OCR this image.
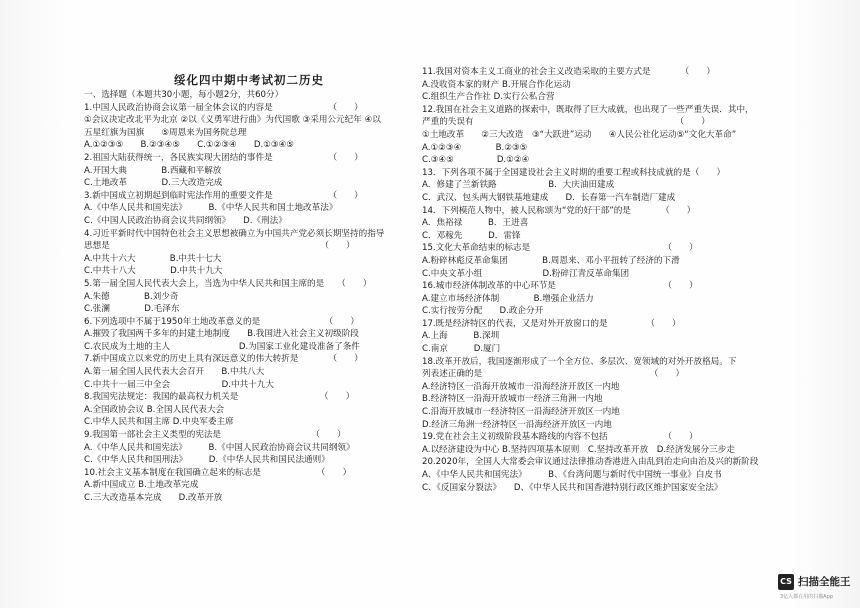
绥化四中期中考试初二历史
一、选择题（本题共30小题，每小题2分，共60分）
1.中国人民政治协商会议第一届全体会议的内容是　　　　　　　（　　）
①会议决定改北平为北京 ②以《义勇军进行曲》为代国歌 ③采用公元纪年 ④以
五星红旗为国旗　　⑤周恩来为国务院总理
A.①②③⑤　　B.②③④⑤　　C.①②③④　　D.①③④⑤
2.祖国大陆获得统一，各民族实现大团结的事件是　　　　　　　（　　）
A.开国大典　　　　B.西藏和平解放
C.土地改革　　　　D.三大改造完成
3.新中国成立初期起到临时宪法作用的重要文件是　　　　　　　（　　）
A.《中华人民共和国宪法》　　　B.《中华人民共和国土地改革法》
C.《中国人民政治协商会议共同纲领》　　D.《刑法》
4.习近平新时代中国特色社会主义思想被确立为中国共产党必须长期坚持的指导
思想是　　　　　　　　　　　　　　　　　　　　　　　　　（　　）
A.中共十六大　　　　B.中共十七大
C.中共十八大　　　　D.中共十九大
5.第一届全国人民代表大会上，当选为中华人民共和国主席的是　　（　　）
A.朱德　　　　B.刘少奇
C.张澜　　　　D.毛泽东
6.下列选项中不属于1950年土地改革意义的是　　　　　　　　（　　）
A.摧毁了我国两千多年的封建土地制度　　B.我国进入社会主义初级阶段
C.农民成为土地的主人　　　　　　　　D.为国家工业化建设准备了条件
7.新中国成立以来党的历史上具有深远意义的伟大转折是　　　　（　　）
A.第一届全国人民代表大会召开　　B.中共八大
C.中共十一届三中全会　　　　　　D.中共十九大
8.我国宪法规定：我国的最高权力机关是　　　　　　　　　　（　　）
A.全国政协会议 B.全国人民代表大会
C.中华人民共和国主席 D.中央军委主席
9.我国第一部社会主义类型的宪法是　　　　　　　　　　　（　　）
A.《中华人民共和国宪法》　　　B.《中国人民政治协商会议共同纲领》
C.《中华人民共和国刑法》　　　D.《中华人民共和国民法通则》
10.社会主义基本制度在我国确立起来的标志是　　　　　　　（　　）
A.新中国成立 B.土地改革完成
C.三大改造基本完成　　D.改革开放
11.我国对资本主义工商业的社会主义改造采取的主要方式是　　　　（　　）
A.没收资本家的财产 B.开展合作化运动
C.组织生产合作社 D.实行公私合营
12.我国在社会主义道路的探索中，既取得了巨大成就，也出现了一些严重失误．其中，
严重的失误有　　　　　　　　　　　　　　　　　　　　　　　　（　　）
①土地改革　　②三大改造　③“大跃进”运动　　④人民公社化运动⑤“文化大革命”
A.①②③④　　　　B.②③⑤
C.③④⑤　　　　　D.①②④
13．下列各项不属于全国建设社会主义时期的重要工程或科技成就的是（　　）
A．修建了兰新铁路　　　　　　B．大庆油田建成
C．武汉、包头两大钢铁基地建成　　D．长春第一汽车制造厂建成
14．下列模范人物中，被人民称颂为“党的好干部”的是　　　　（　　）
A．焦裕禄　　　B．王进喜
C．邓稼先　　　D．雷锋
15.文化大革命结束的标志是　　　　　　　　　　　　　　　　（　　）
A.粉碎林彪反革命集团　　　　B.周恩来、邓小平扭转了经济的下滑
C.中央文革小组　　　　　　　D.粉碎江青反革命集团
16.城市经济体制改革的中心环节是　　　　　　　　　　　　　（　　）
A.建立市场经济体制　　　　B.增强企业活力
C.实行按劳分配　　D.政企分开
17.既是经济特区的代表，又是对外开放窗口的是　　　　　（　　）
A.上海　　　B.深圳
C.南京　　　D.厦门
18.改革开放后，我国逐渐形成了一个全方位、多层次、宽领域的对外开放格局。下
列表述正确的是　　　　　　　　　　　　　　　　　　　　（　　）
A.经济特区一沿海开放城市一沿海经济开放区一内地
B.经济特区一沿海开放城市一经济三角洲一内地
C.沿海开放城市一经济特区一沿海经济开放区一内地
D.经济三角洲一经济特区一沿海经济开放区一内地
19.党在社会主义初级阶段基本路线的内容不包括　　　　　　　（　　）
A.以经济建设为中心 B.坚持四项基本原则　C.坚持改革开放　D.经济发展分三步走
20.2020年，全国人大常委会审议通过法律推动香港进入由乱到治走向由治及兴的新阶段
A、《中华人民共和国宪法》　　　B、《台湾问题与新时代中国统一事业》白皮书
C、《反国家分裂法》　　D、《中华人民共和国香港特别行政区维护国家安全法》
CS 扫描全能王
3亿人都在用的扫描App
